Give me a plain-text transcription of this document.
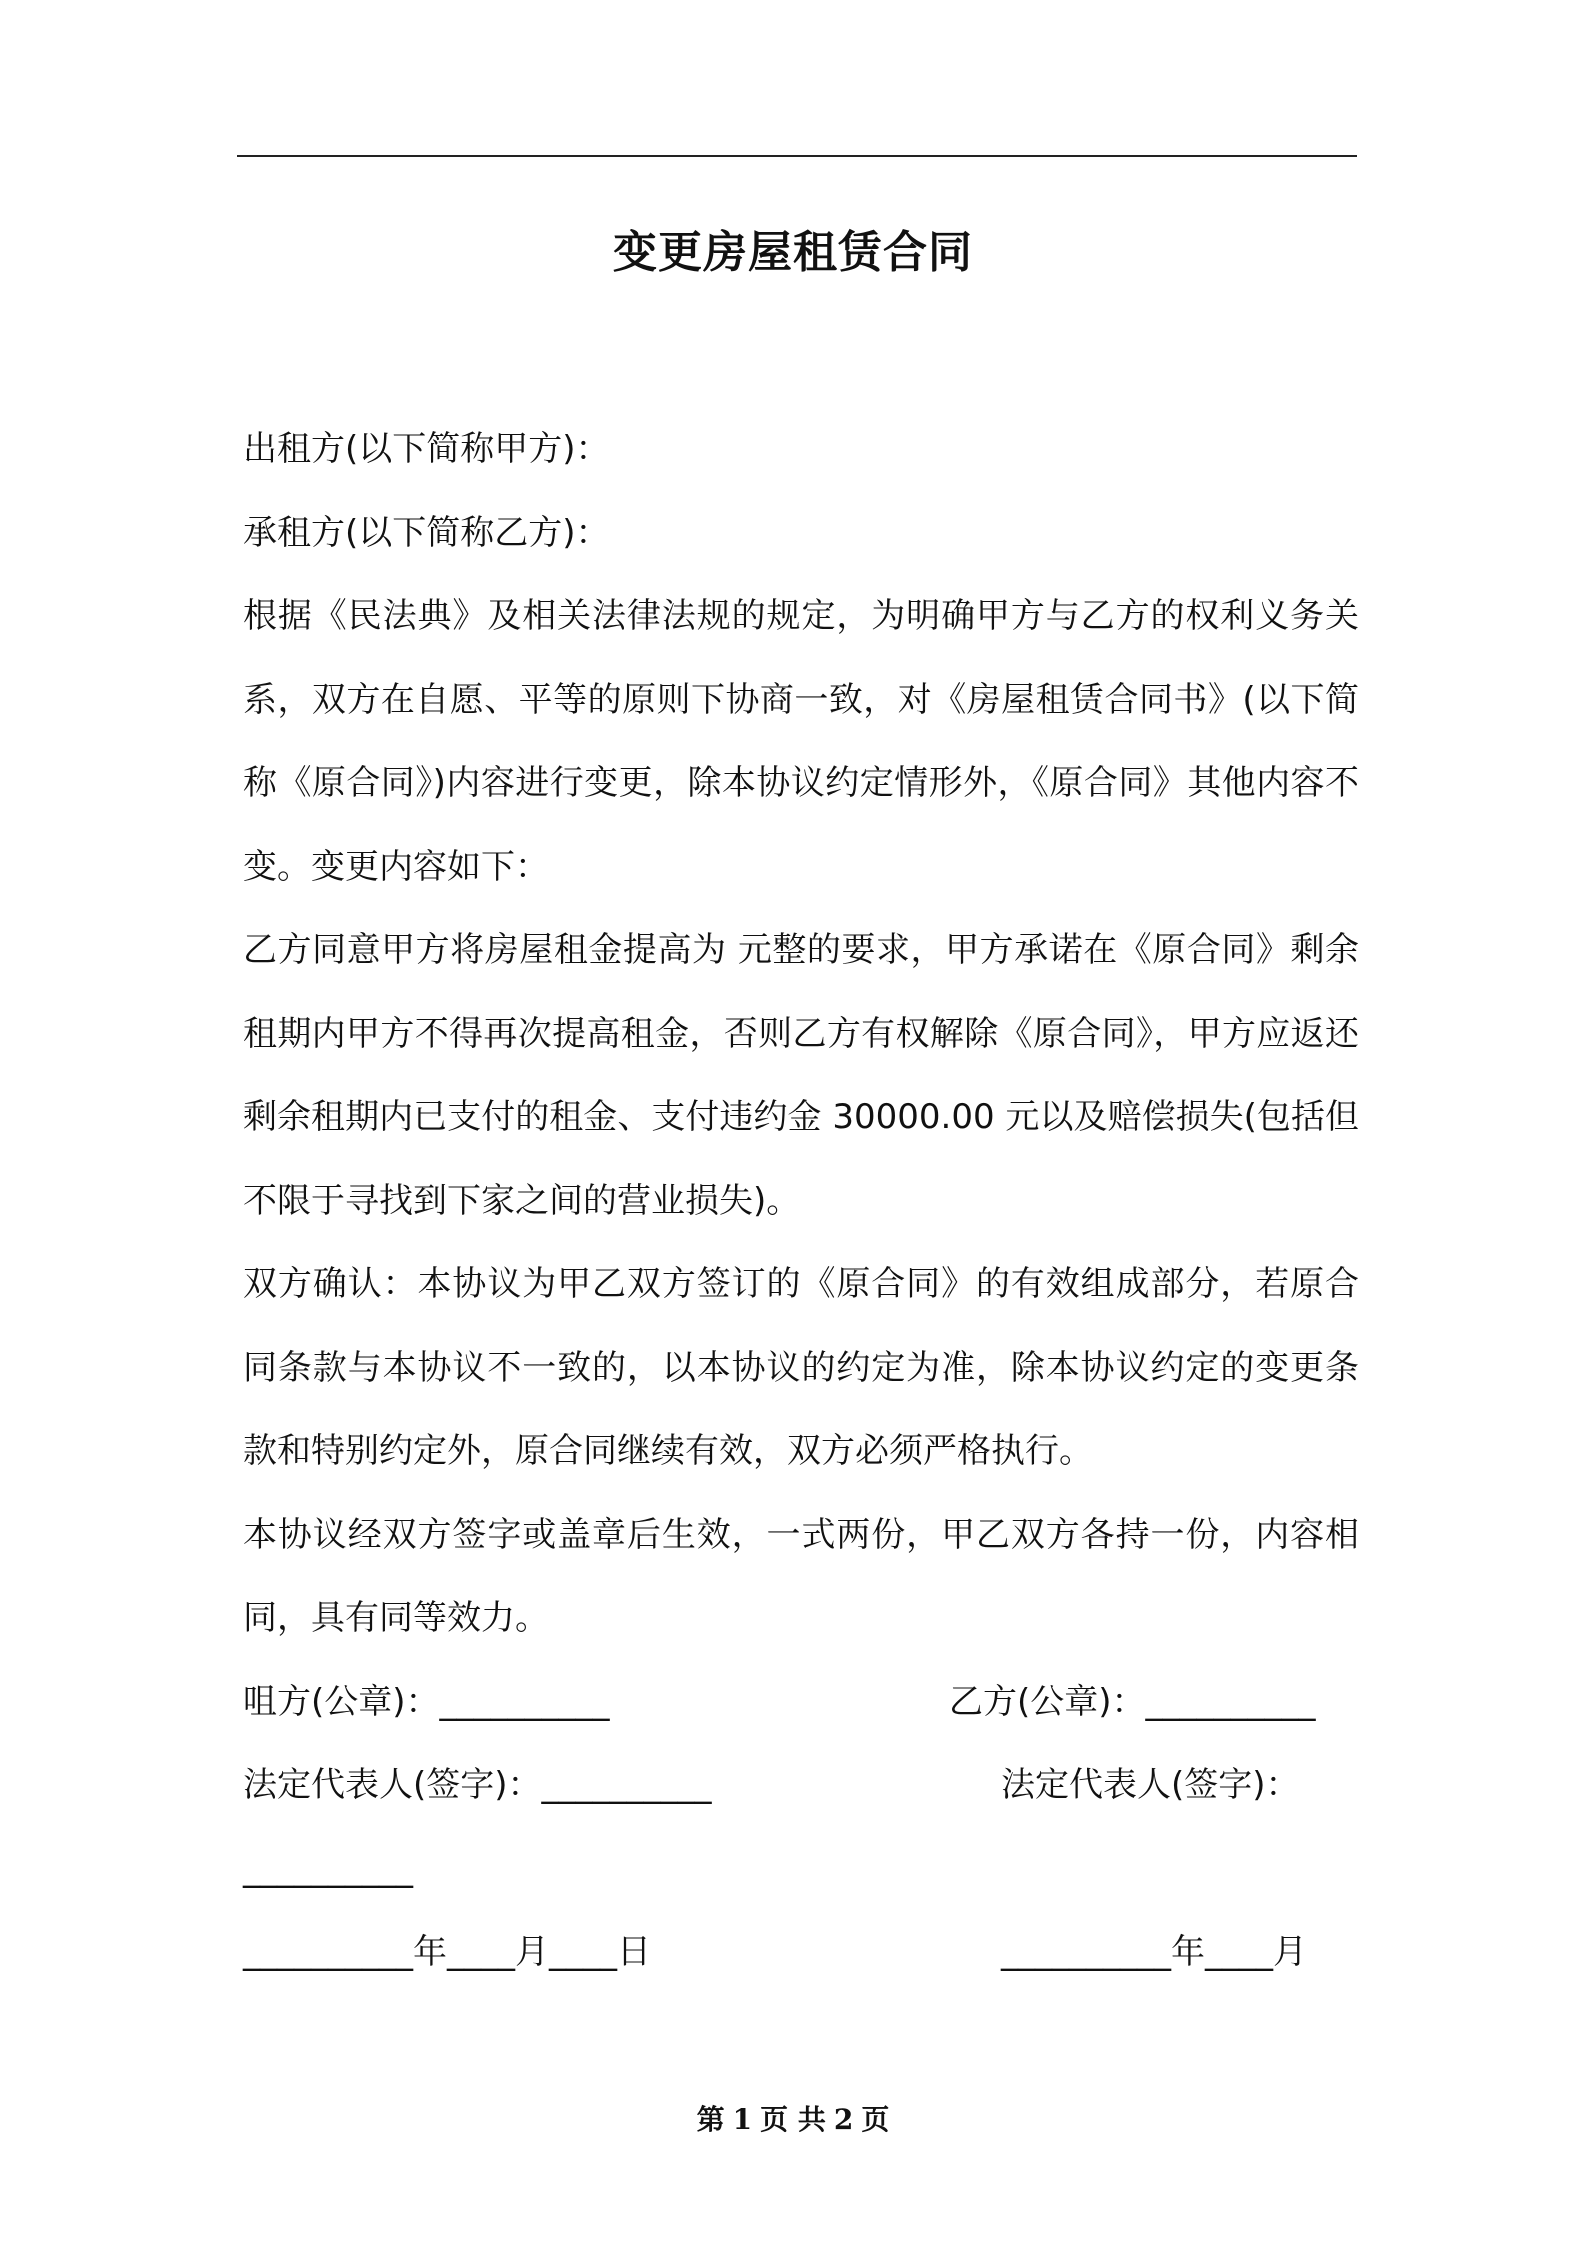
变更房屋租赁合同

出租方(以下简称甲方)：

承租方(以下简称乙方)：

根据《民法典》及相关法律法规的规定，为明确甲方与乙方的权利义务关系，双方在自愿、平等的原则下协商一致，对《房屋租赁合同书》(以下简称《原合同》)内容进行变更，除本协议约定情形外，《原合同》其他内容不变。变更内容如下：

乙方同意甲方将房屋租金提高为 元整的要求，甲方承诺在《原合同》剩余租期内甲方不得再次提高租金，否则乙方有权解除《原合同》，甲方应返还剩余租期内已支付的租金、支付违约金 30000.00 元以及赔偿损失(包括但不限于寻找到下家之间的营业损失)。

双方确认：本协议为甲乙双方签订的《原合同》的有效组成部分，若原合同条款与本协议不一致的，以本协议的约定为准，除本协议约定的变更条款和特别约定外，原合同继续有效，双方必须严格执行。

本协议经双方签字或盖章后生效，一式两份，甲乙双方各持一份，内容相同，具有同等效力。

咀方(公章)：__________	乙方(公章)：__________
法定代表人(签字)：__________	法定代表人(签字)：
__________
__________年____月____日	__________年____月
第 1 页 共 2 页
